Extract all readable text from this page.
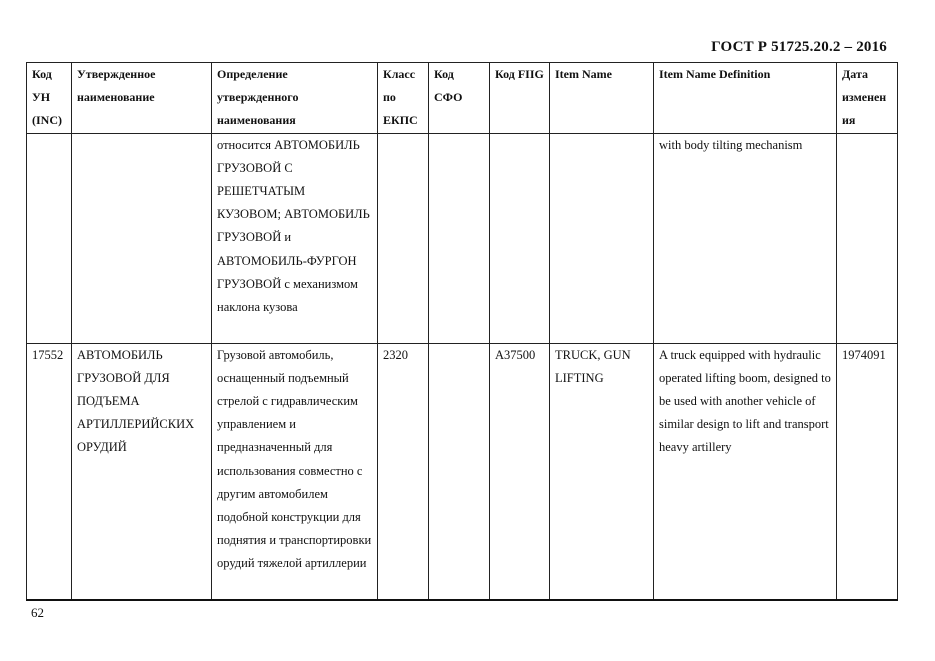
ГОСТ Р 51725.20.2 – 2016
Код УН (INC)	Утвержденное наименование	Определение утвержденного наименования	Класс по ЕКПС	Код СФО	Код FIIG	Item Name	Item Name Definition	Дата изменения
		относится АВТОМОБИЛЬ ГРУЗОВОЙ С РЕШЕТЧАТЫМ КУЗОВОМ; АВТОМОБИЛЬ ГРУЗОВОЙ и АВТОМОБИЛЬ-ФУРГОН ГРУЗОВОЙ с механизмом наклона кузова					with body tilting mechanism	
17552	АВТОМОБИЛЬ ГРУЗОВОЙ ДЛЯ ПОДЪЕМА АРТИЛЛЕРИЙСКИХ ОРУДИЙ	Грузовой автомобиль, оснащенный подъемный стрелой с гидравлическим управлением и предназначенный для использования совместно с другим автомобилем подобной конструкции для поднятия и транспортировки орудий тяжелой артиллерии	2320		A37500	TRUCK, GUN LIFTING	A truck equipped with hydraulic operated lifting boom, designed to be used with another vehicle of similar design to lift and transport heavy artillery	1974091
62
